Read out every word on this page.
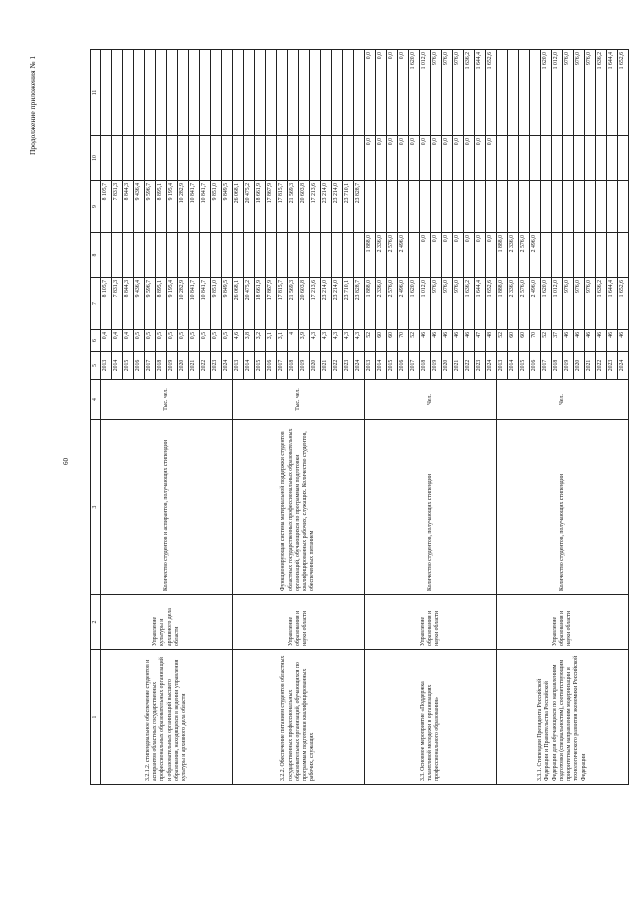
60
Продолжение приложения № 1
1	2	3	4	5	6	7	8	9	10	11
3.2.1.2. стипендиальное обеспечение студентов и аспирантов областных государственных профессиональных образовательных организаций и образовательных организаций высшего образования, находящихся в ведении управления культуры и архивного дела области	Управление культуры и архивного дела области	Количество студентов и аспирантов, получающих стипендии	Тыс. чел.	2013	0,4	8 105,7		8 105,7		
				2014	0,4	7 831,3		7 831,3		
				2015	0,4	8 844,3		8 844,3		
				2016	0,5	9 436,4		9 436,4		
				2017	0,5	9 596,7		9 596,7		
				2018	0,5	8 895,1		8 895,1		
				2019	0,5	9 195,4		9 195,4		
				2020	0,5	10 282,9		10 282,9		
				2021	0,5	10 841,7		10 841,7		
				2022	0,5	10 841,7		10 841,7		
				2023	0,5	9 851,0		9 851,0		
				2024	0,5	9 849,5		9 849,5		
3.2.2. Обеспечение питанием студентов областных государственных профессиональных образовательных организаций, обучающихся по программам подготовки квалифицированных рабочих, служащих	Управление образования и науки области	Функционирующая система материальной поддержки студентов областных государственных профессиональных образовательных организаций, обучающихся по программам подготовки квалифицированных рабочих, служащих. Количество студентов, обеспеченных питанием	Тыс. чел.	2013	4,6	26 068,1		26 068,1		
				2014	3,8	20 475,2		20 475,2		
				2015	3,2	18 661,9		18 661,9		
				2016	3,1	17 867,9		17 867,9		
				2017	3,1	17 815,7		17 815,7		
				2018	4	21 569,3		21 569,3		
				2019	3,9	20 603,8		20 603,8		
				2020	4,3	17 213,6		17 213,6		
				2021	4,3	23 214,0		23 214,0		
				2022	4,3	23 214,0		23 214,0		
				2023	4,3	23 710,1		23 710,1		
				2024	4,3	23 828,7		23 828,7		
3.3. Основное мероприятие «Поддержка талантливой молодежи в организациях профессионального образования»	Управление образования и науки области	Количество студентов, получающих стипендии	Чел.	2013	52	1 888,0	1 888,0		0,0	0,0
				2014	60	2 336,0	2 336,0		0,0	0,0
				2015	60	2 576,0	2 576,0		0,0	0,0
				2016	70	2 496,0	2 496,0		0,0	0,0
				2017	52	1 620,0			0,0	1 620,0
				2018	46	1 012,0	0,0		0,0	1 012,0
				2019	46	976,0	0,0		0,0	976,0
				2020	46	976,0	0,0		0,0	976,0
				2021	46	976,0	0,0		0,0	976,0
				2022	46	1 636,2	0,0		0,0	1 636,2
				2023	47	1 644,4	0,0		0,0	1 644,4
				2024	48	1 652,6	0,0		0,0	1 652,6
3.3.1. Стипендии Президента Российской Федерации и Правительства Российской Федерации для обучающихся по направлениям подготовки (специальностям), соответствующим приоритетным направлениям модернизации и технологического развития экономики Российской Федерации	Управление образования и науки области	Количество студентов, получающих стипендии	Чел.	2013	52	1 888,0	1 888,0			
				2014	60	2 336,0	2 336,0			
				2015	60	2 576,0	2 576,0			
				2016	70	2 496,0	2 496,0			
				2017	52	1 620,0				1 620,0
				2018	37	1 012,0				1 012,0
				2019	46	976,0				976,0
				2020	46	976,0				976,0
				2021	46	976,0				976,0
				2022	46	1 636,2				1 636,2
				2023	46	1 644,4				1 644,4
				2024	46	1 652,6				1 652,6
